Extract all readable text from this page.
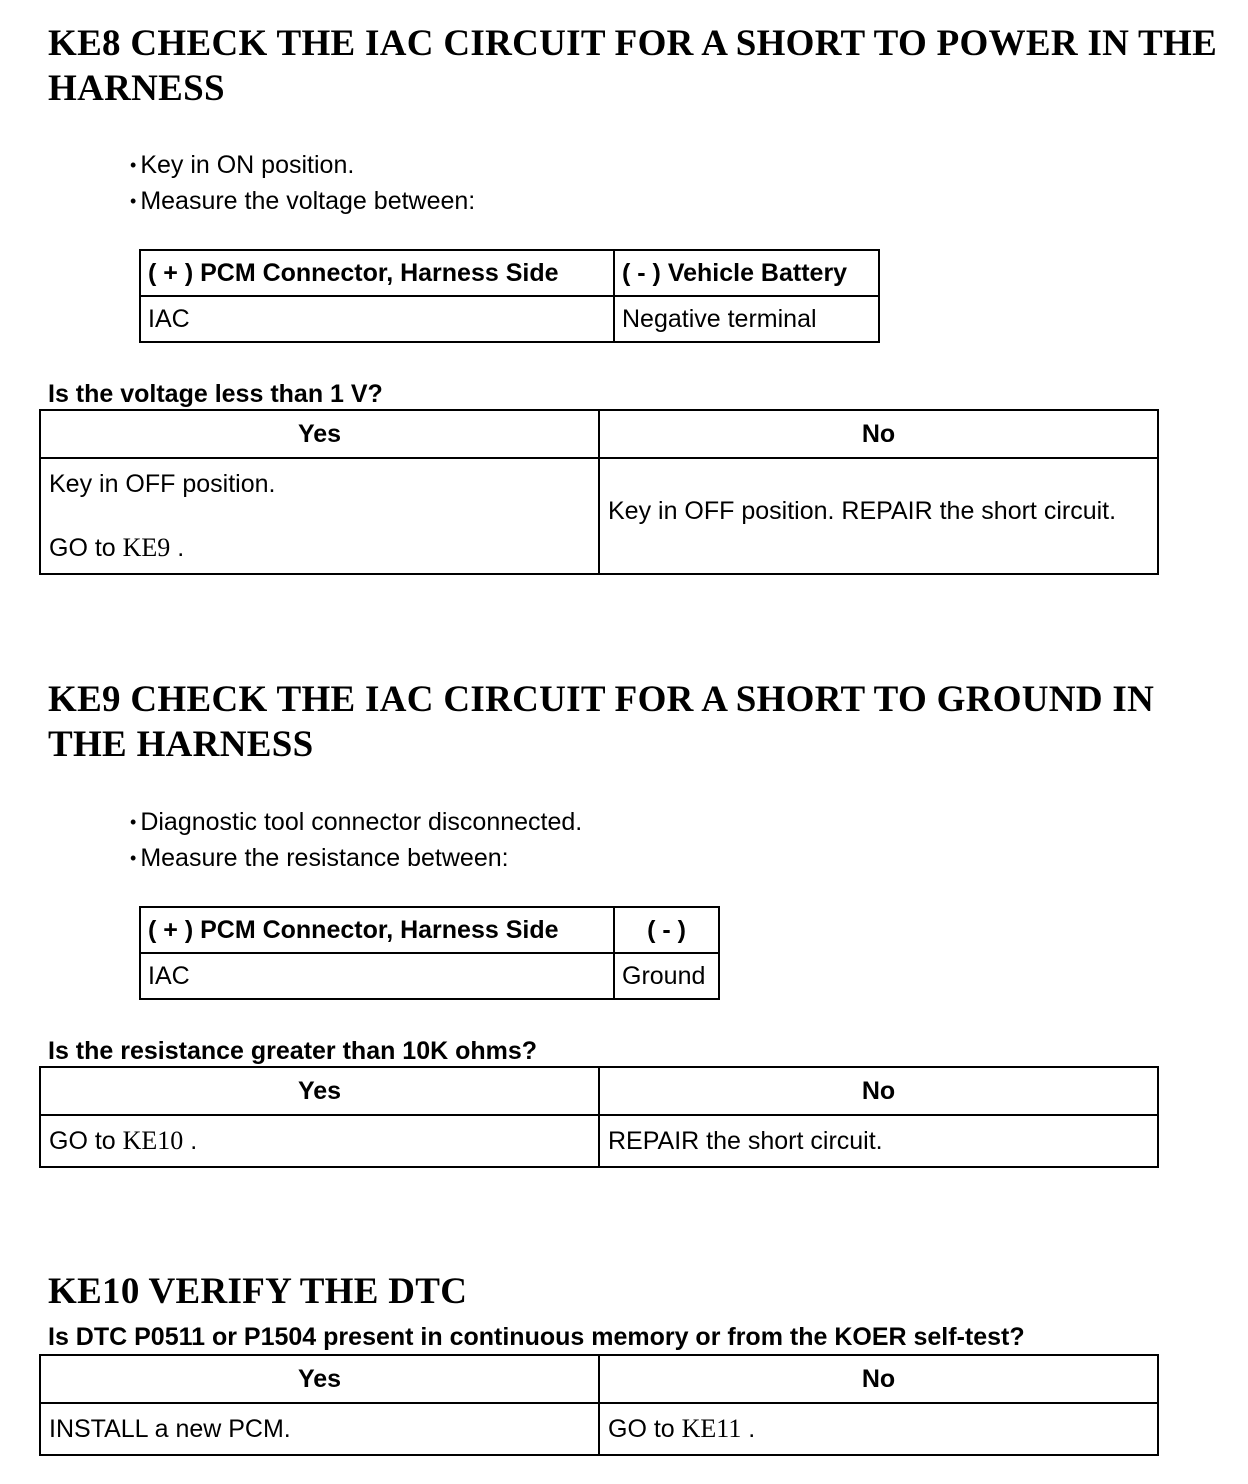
KE8 CHECK THE IAC CIRCUIT FOR A SHORT TO POWER IN THE HARNESS
• Key in ON position.
• Measure the voltage between:
( + ) PCM Connector, Harness Side	( - ) Vehicle Battery
IAC	Negative terminal
Is the voltage less than 1 V?
Yes	No
Key in OFF position.
GO to KE9 .	Key in OFF position. REPAIR the short circuit.
KE9 CHECK THE IAC CIRCUIT FOR A SHORT TO GROUND IN THE HARNESS
• Diagnostic tool connector disconnected.
• Measure the resistance between:
( + ) PCM Connector, Harness Side	( - )
IAC	Ground
Is the resistance greater than 10K ohms?
Yes	No
GO to KE10 .	REPAIR the short circuit.
KE10 VERIFY THE DTC
Is DTC P0511 or P1504 present in continuous memory or from the KOER self-test?
Yes	No
INSTALL a new PCM.	GO to KE11 .
